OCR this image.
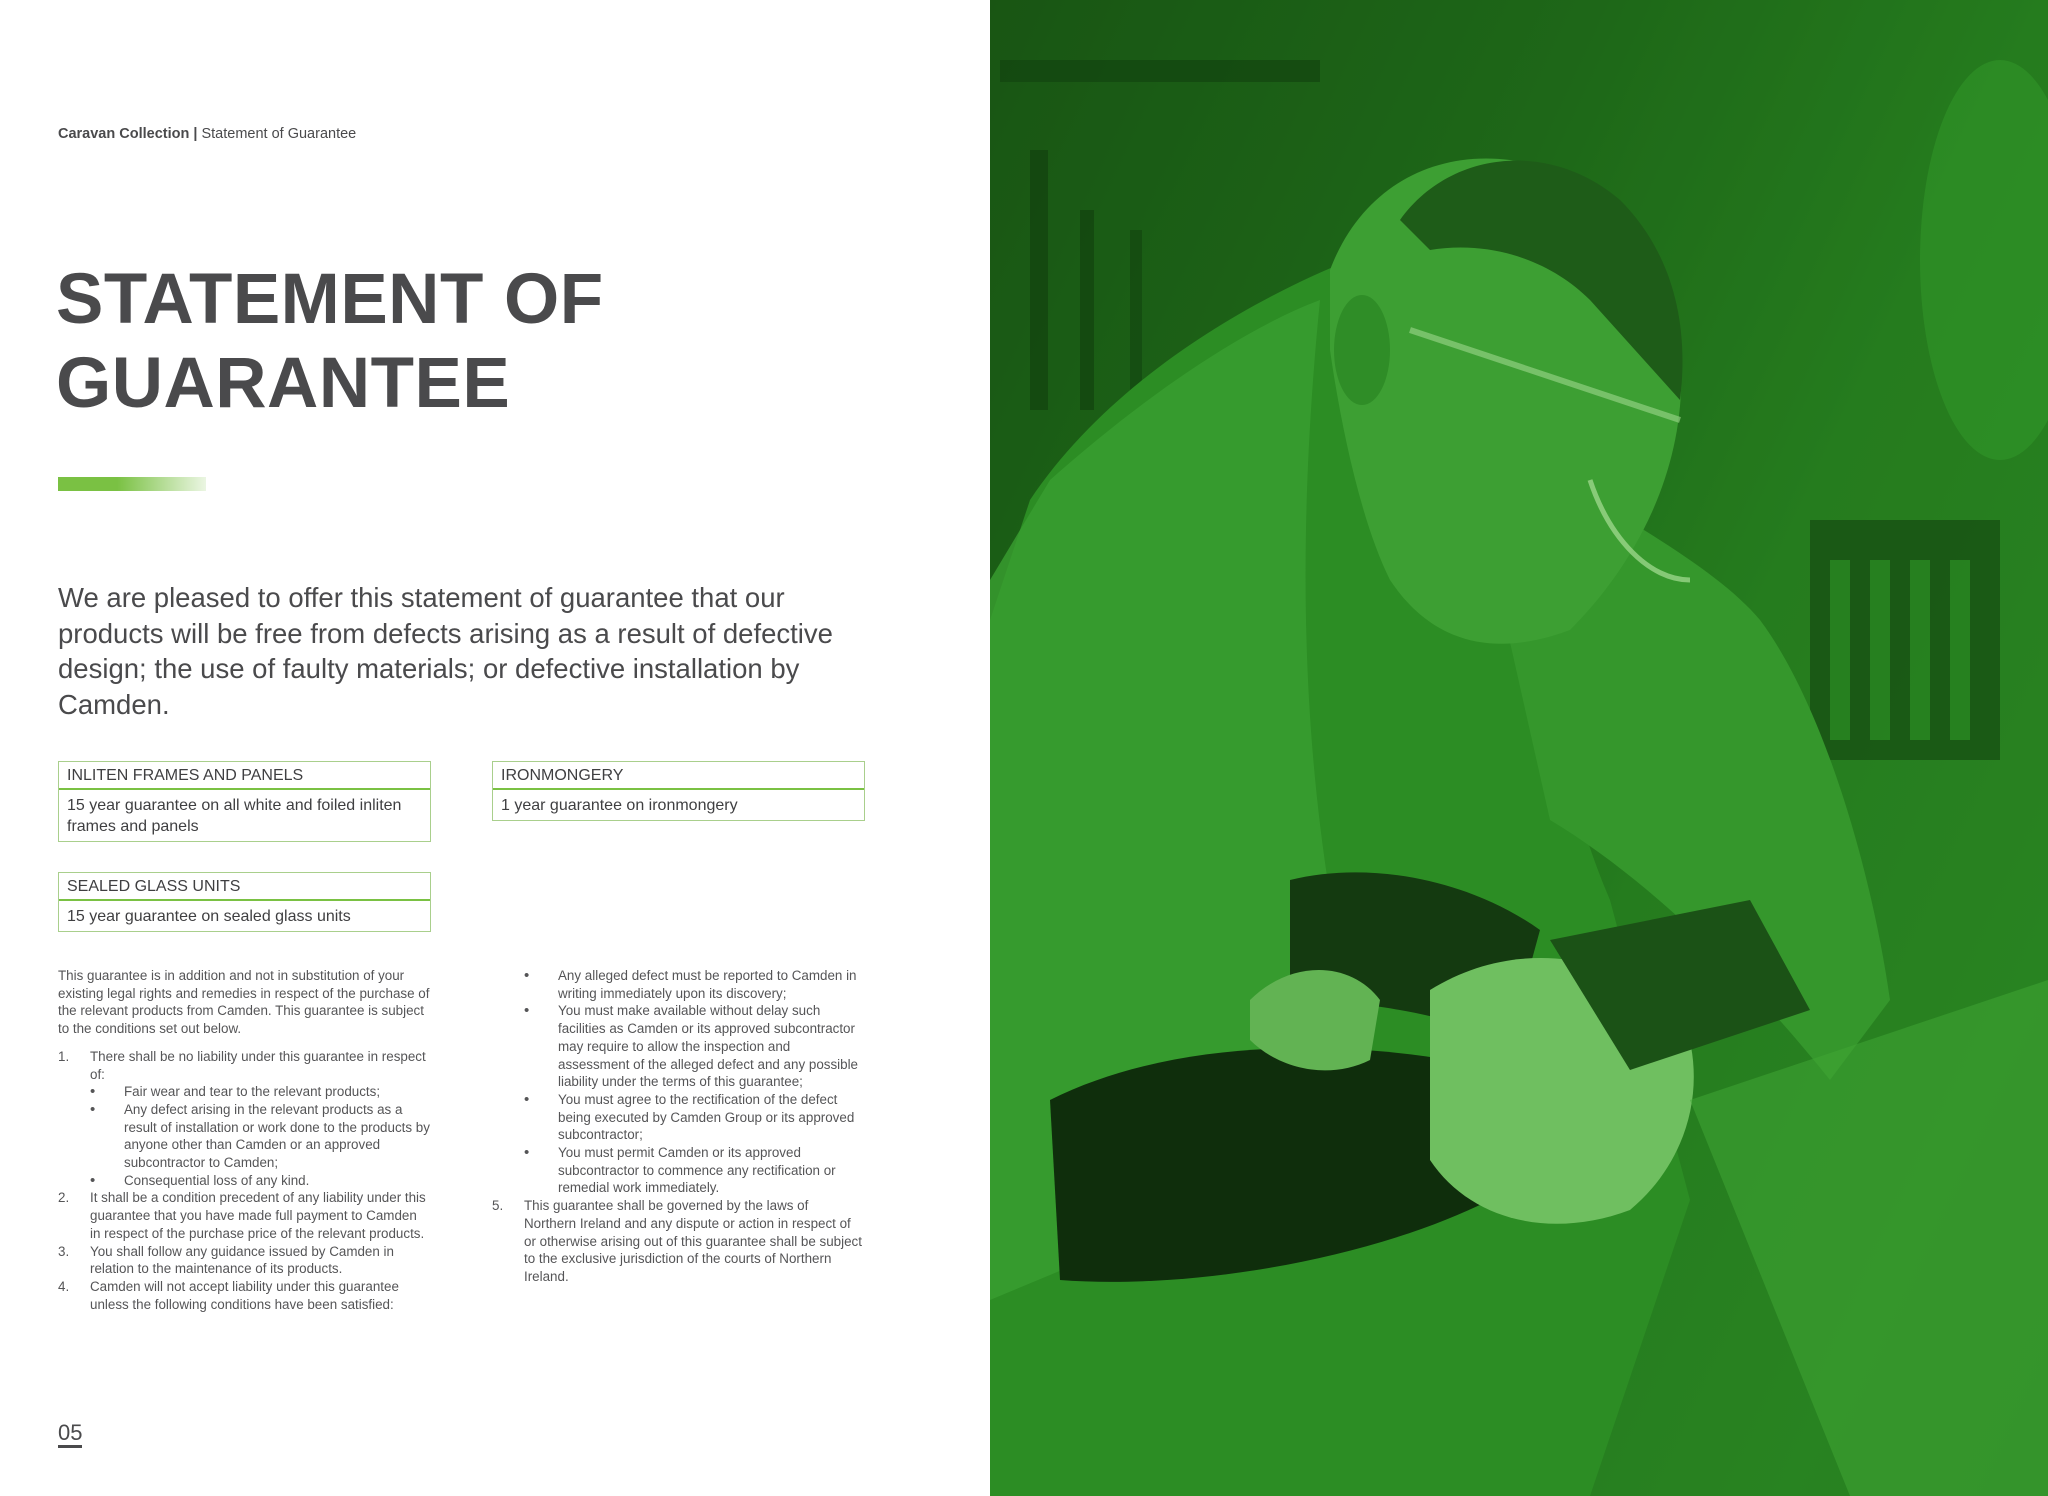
Caravan Collection | Statement of Guarantee
STATEMENT OF
GUARANTEE

We are pleased to offer this statement of guarantee that our products will be free from defects arising as a result of defective design; the use of faulty materials; or defective installation by Camden.

INLITEN FRAMES AND PANELS
15 year guarantee on all white and foiled inliten frames and panels
IRONMONGERY
1 year guarantee on ironmongery
SEALED GLASS UNITS
15 year guarantee on sealed glass units

This guarantee is in addition and not in substitution of your existing legal rights and remedies in respect of the purchase of the relevant products from Camden. This guarantee is subject to the conditions set out below.

1. There shall be no liability under this guarantee in respect of:
• Fair wear and tear to the relevant products;
• Any defect arising in the relevant products as a result of installation or work done to the products by anyone other than Camden or an approved subcontractor to Camden;
• Consequential loss of any kind.
2. It shall be a condition precedent of any liability under this guarantee that you have made full payment to Camden in respect of the purchase price of the relevant products.
3. You shall follow any guidance issued by Camden in relation to the maintenance of its products.
4. Camden will not accept liability under this guarantee unless the following conditions have been satisfied:
• Any alleged defect must be reported to Camden in writing immediately upon its discovery;
• You must make available without delay such facilities as Camden or its approved subcontractor may require to allow the inspection and assessment of the alleged defect and any possible liability under the terms of this guarantee;
• You must agree to the rectification of the defect being executed by Camden Group or its approved subcontractor;
• You must permit Camden or its approved subcontractor to commence any rectification or remedial work immediately.
5. This guarantee shall be governed by the laws of Northern Ireland and any dispute or action in respect of or otherwise arising out of this guarantee shall be subject to the exclusive jurisdiction of the courts of Northern Ireland.
05
